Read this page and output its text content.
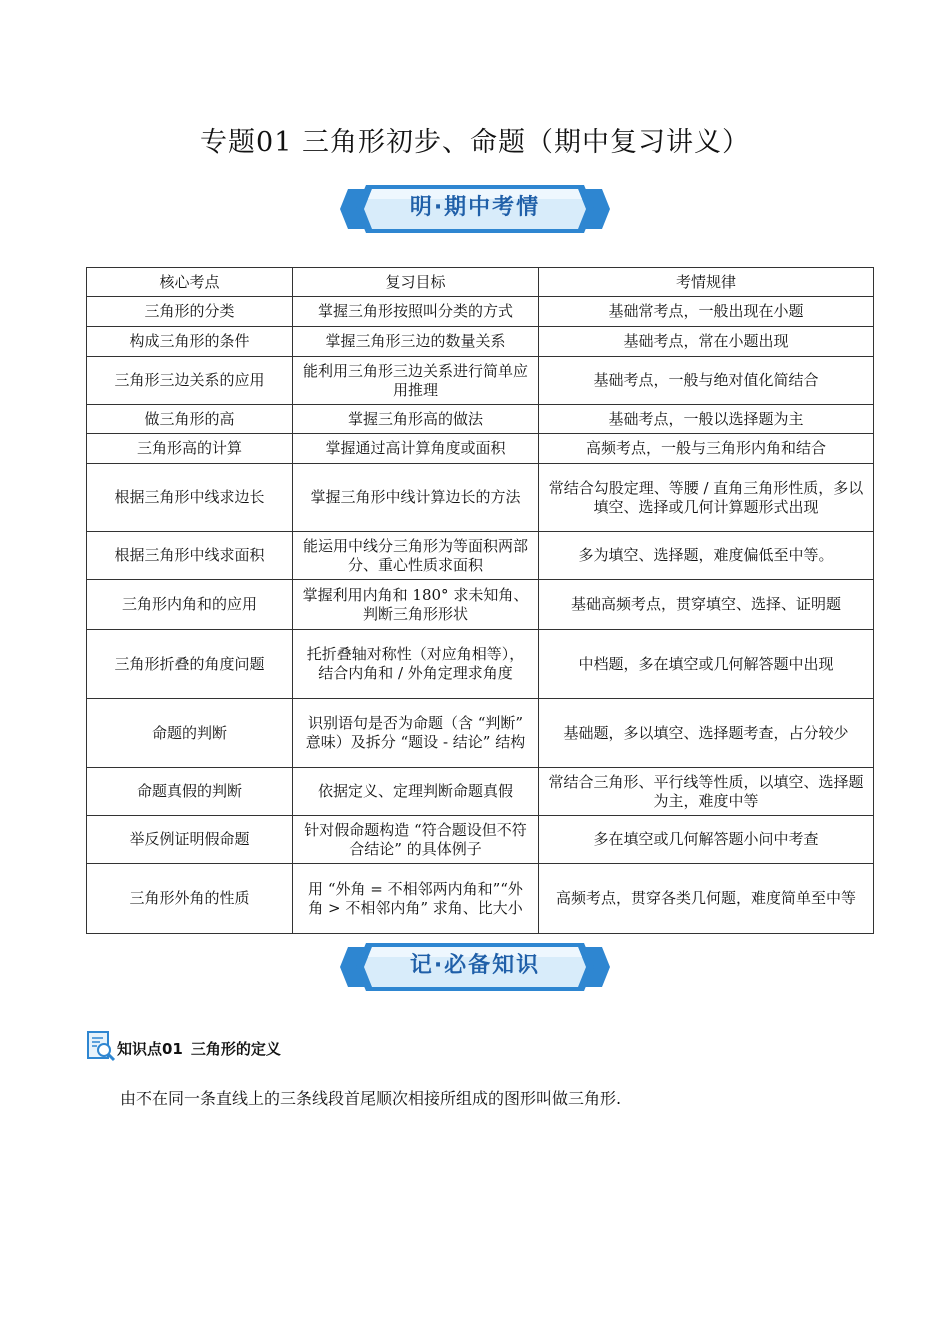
专题01 三角形初步、命题（期中复习讲义）
明·期中考情
核心考点	复习目标	考情规律
三角形的分类	掌握三角形按照叫分类的方式	基础常考点，一般出现在小题
构成三角形的条件	掌握三角形三边的数量关系	基础考点，常在小题出现
三角形三边关系的应用	能利用三角形三边关系进行简单应用推理	基础考点，一般与绝对值化简结合
做三角形的高	掌握三角形高的做法	基础考点，一般以选择题为主
三角形高的计算	掌握通过高计算角度或面积	高频考点，一般与三角形内角和结合
根据三角形中线求边长	掌握三角形中线计算边长的方法	常结合勾股定理、等腰 / 直角三角形性质，多以填空、选择或几何计算题形式出现
根据三角形中线求面积	能运用中线分三角形为等面积两部分、重心性质求面积	多为填空、选择题，难度偏低至中等。
三角形内角和的应用	掌握利用内角和 180° 求未知角、判断三角形形状	基础高频考点，贯穿填空、选择、证明题
三角形折叠的角度问题	托折叠轴对称性（对应角相等），结合内角和 / 外角定理求角度	中档题，多在填空或几何解答题中出现
命题的判断	识别语句是否为命题（含 “判断” 意味）及拆分 “题设 - 结论” 结构	基础题，多以填空、选择题考查，占分较少
命题真假的判断	依据定义、定理判断命题真假	常结合三角形、平行线等性质，以填空、选择题为主，难度中等
举反例证明假命题	针对假命题构造 “符合题设但不符合结论” 的具体例子	多在填空或几何解答题小问中考查
三角形外角的性质	用 “外角 = 不相邻两内角和”“外角 > 不相邻内角” 求角、比大小	高频考点，贯穿各类几何题，难度简单至中等
记·必备知识
知识点01 三角形的定义
由不在同一条直线上的三条线段首尾顺次相接所组成的图形叫做三角形.
